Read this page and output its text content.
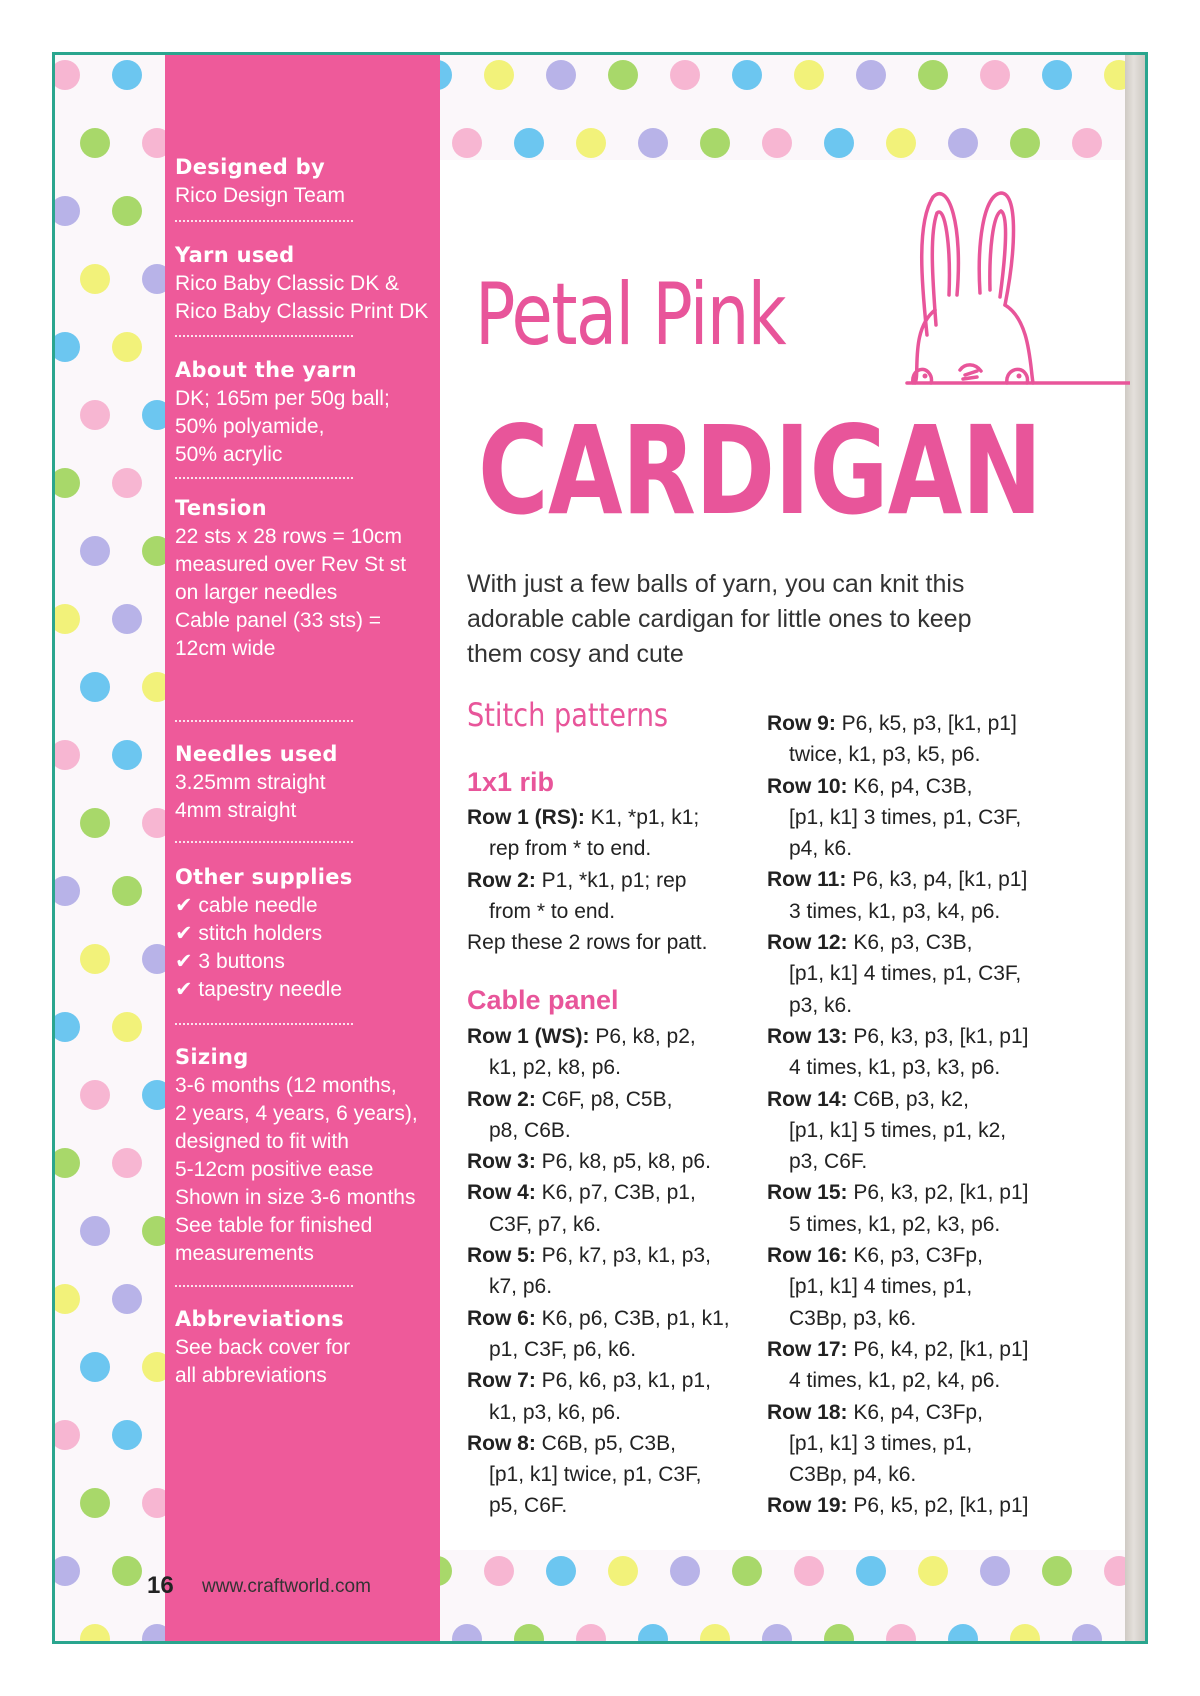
Designed by

Rico Design Team

Yarn used

Rico Baby Classic DK &
Rico Baby Classic Print DK

About the yarn

DK; 165m per 50g ball;
50% polyamide,
50% acrylic

Tension

22 sts x 28 rows = 10cm
measured over Rev St st
on larger needles
Cable panel (33 sts) =
12cm wide

Needles used

3.25mm straight
4mm straight

Other supplies

✔ cable needle
✔ stitch holders
✔ 3 buttons
✔ tapestry needle

Sizing

3-6 months (12 months,
2 years, 4 years, 6 years),
designed to fit with
5-12cm positive ease
Shown in size 3-6 months
See table for finished
measurements

Abbreviations

See back cover for
all abbreviations

Petal Pink
CARDIGAN

With just a few balls of yarn, you can knit this adorable cable cardigan for little ones to keep them cosy and cute

Stitch patterns

1x1 rib

Row 1 (RS): K1, *p1, k1;
rep from * to end.
Row 2: P1, *k1, p1; rep
from * to end.
Rep these 2 rows for patt.

Cable panel

Row 1 (WS): P6, k8, p2,
k1, p2, k8, p6.
Row 2: C6F, p8, C5B,
p8, C6B.
Row 3: P6, k8, p5, k8, p6.
Row 4: K6, p7, C3B, p1,
C3F, p7, k6.
Row 5: P6, k7, p3, k1, p3,
k7, p6.
Row 6: K6, p6, C3B, p1, k1,
p1, C3F, p6, k6.
Row 7: P6, k6, p3, k1, p1,
k1, p3, k6, p6.
Row 8: C6B, p5, C3B,
[p1, k1] twice, p1, C3F,
p5, C6F.
Row 9: P6, k5, p3, [k1, p1]
twice, k1, p3, k5, p6.
Row 10: K6, p4, C3B,
[p1, k1] 3 times, p1, C3F,
p4, k6.
Row 11: P6, k3, p4, [k1, p1]
3 times, k1, p3, k4, p6.
Row 12: K6, p3, C3B,
[p1, k1] 4 times, p1, C3F,
p3, k6.
Row 13: P6, k3, p3, [k1, p1]
4 times, k1, p3, k3, p6.
Row 14: C6B, p3, k2,
[p1, k1] 5 times, p1, k2,
p3, C6F.
Row 15: P6, k3, p2, [k1, p1]
5 times, k1, p2, k3, p6.
Row 16: K6, p3, C3Fp,
[p1, k1] 4 times, p1,
C3Bp, p3, k6.
Row 17: P6, k4, p2, [k1, p1]
4 times, k1, p2, k4, p6.
Row 18: K6, p4, C3Fp,
[p1, k1] 3 times, p1,
C3Bp, p4, k6.
Row 19: P6, k5, p2, [k1, p1]
16 www.craftworld.com
